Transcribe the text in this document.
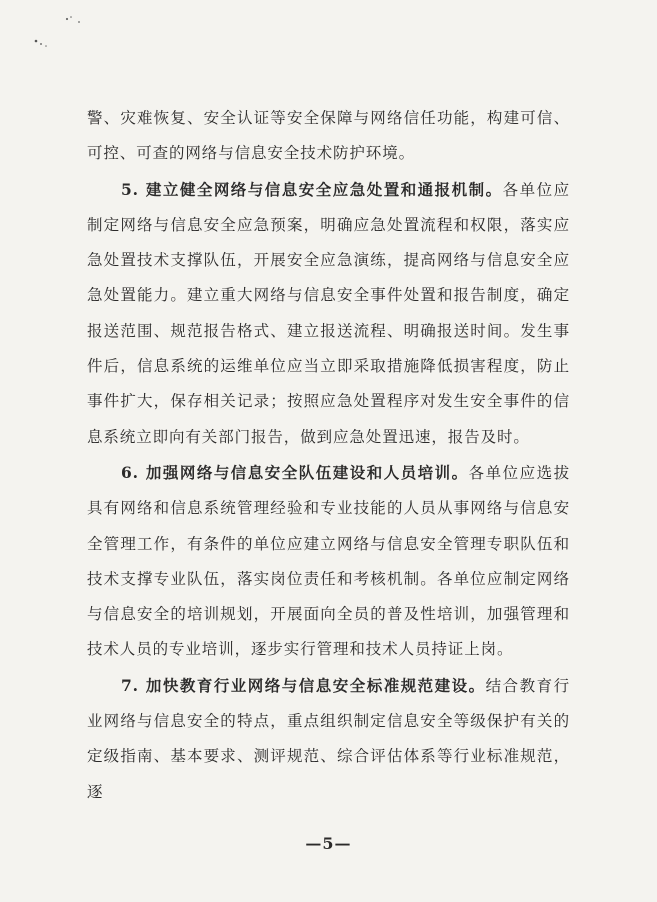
警、灾难恢复、安全认证等安全保障与网络信任功能，构建可信、可控、可查的网络与信息安全技术防护环境。

5. 建立健全网络与信息安全应急处置和通报机制。各单位应制定网络与信息安全应急预案，明确应急处置流程和权限，落实应急处置技术支撑队伍，开展安全应急演练，提高网络与信息安全应急处置能力。建立重大网络与信息安全事件处置和报告制度，确定报送范围、规范报告格式、建立报送流程、明确报送时间。发生事件后，信息系统的运维单位应当立即采取措施降低损害程度，防止事件扩大，保存相关记录；按照应急处置程序对发生安全事件的信息系统立即向有关部门报告，做到应急处置迅速，报告及时。

6. 加强网络与信息安全队伍建设和人员培训。各单位应选拔具有网络和信息系统管理经验和专业技能的人员从事网络与信息安全管理工作，有条件的单位应建立网络与信息安全管理专职队伍和技术支撑专业队伍，落实岗位责任和考核机制。各单位应制定网络与信息安全的培训规划，开展面向全员的普及性培训，加强管理和技术人员的专业培训，逐步实行管理和技术人员持证上岗。

7. 加快教育行业网络与信息安全标准规范建设。结合教育行业网络与信息安全的特点，重点组织制定信息安全等级保护有关的定级指南、基本要求、测评规范、综合评估体系等行业标准规范，逐

—5—
